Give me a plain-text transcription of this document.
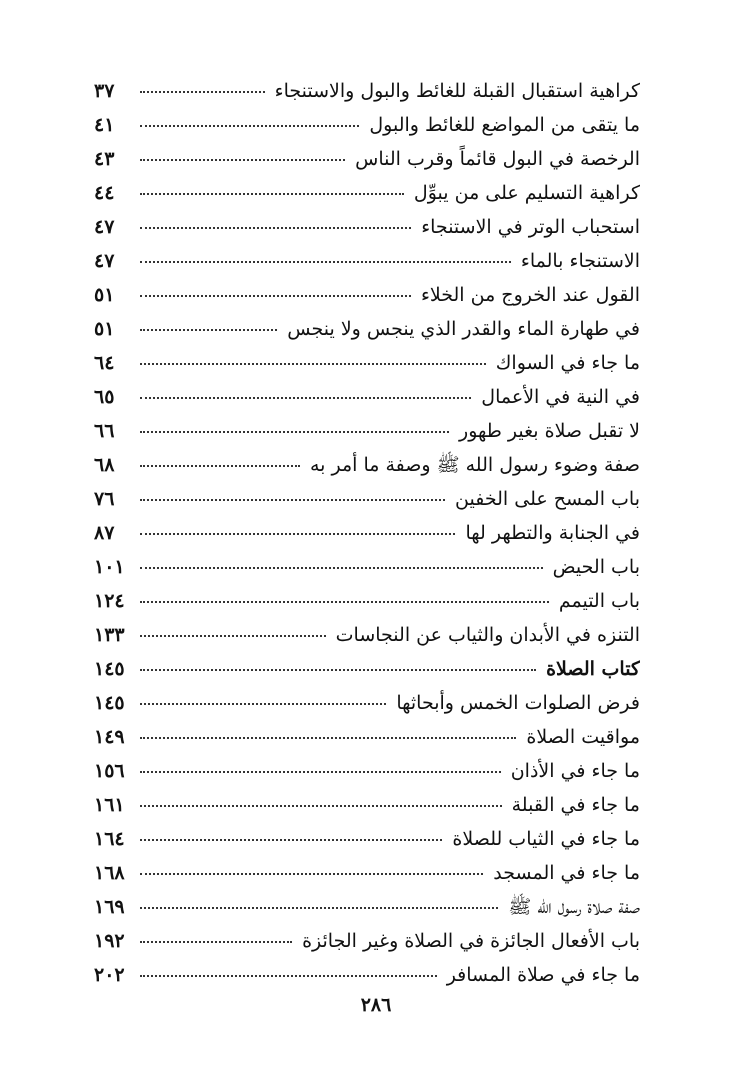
كراهية استقبال القبلة للغائط والبول والاستنجاء
٣٧
ما يتقى من المواضع للغائط والبول
٤١
الرخصة في البول قائماً وقرب الناس
٤٣
كراهية التسليم على من يبوِّل
٤٤
استحباب الوتر في الاستنجاء
٤٧
الاستنجاء بالماء
٤٧
القول عند الخروج من الخلاء
٥١
في طهارة الماء والقدر الذي ينجس ولا ينجس
٥١
ما جاء في السواك
٦٤
في النية في الأعمال
٦٥
لا تقبل صلاة بغير طهور
٦٦
صفة وضوء رسول الله ﷺ وصفة ما أمر به
٦٨
باب المسح على الخفين
٧٦
في الجنابة والتطهر لها
٨٧
باب الحيض
١٠١
باب التيمم
١٢٤
التنزه في الأبدان والثياب عن النجاسات
١٣٣
كتاب الصلاة
١٤٥
فرض الصلوات الخمس وأبحاثها
١٤٥
مواقيت الصلاة
١٤٩
ما جاء في الأذان
١٥٦
ما جاء في القبلة
١٦١
ما جاء في الثياب للصلاة
١٦٤
ما جاء في المسجد
١٦٨
صفة صلاة رسول الله ﷺ
١٦٩
باب الأفعال الجائزة في الصلاة وغير الجائزة
١٩٢
ما جاء في صلاة المسافر
٢٠٢
٢٨٦
